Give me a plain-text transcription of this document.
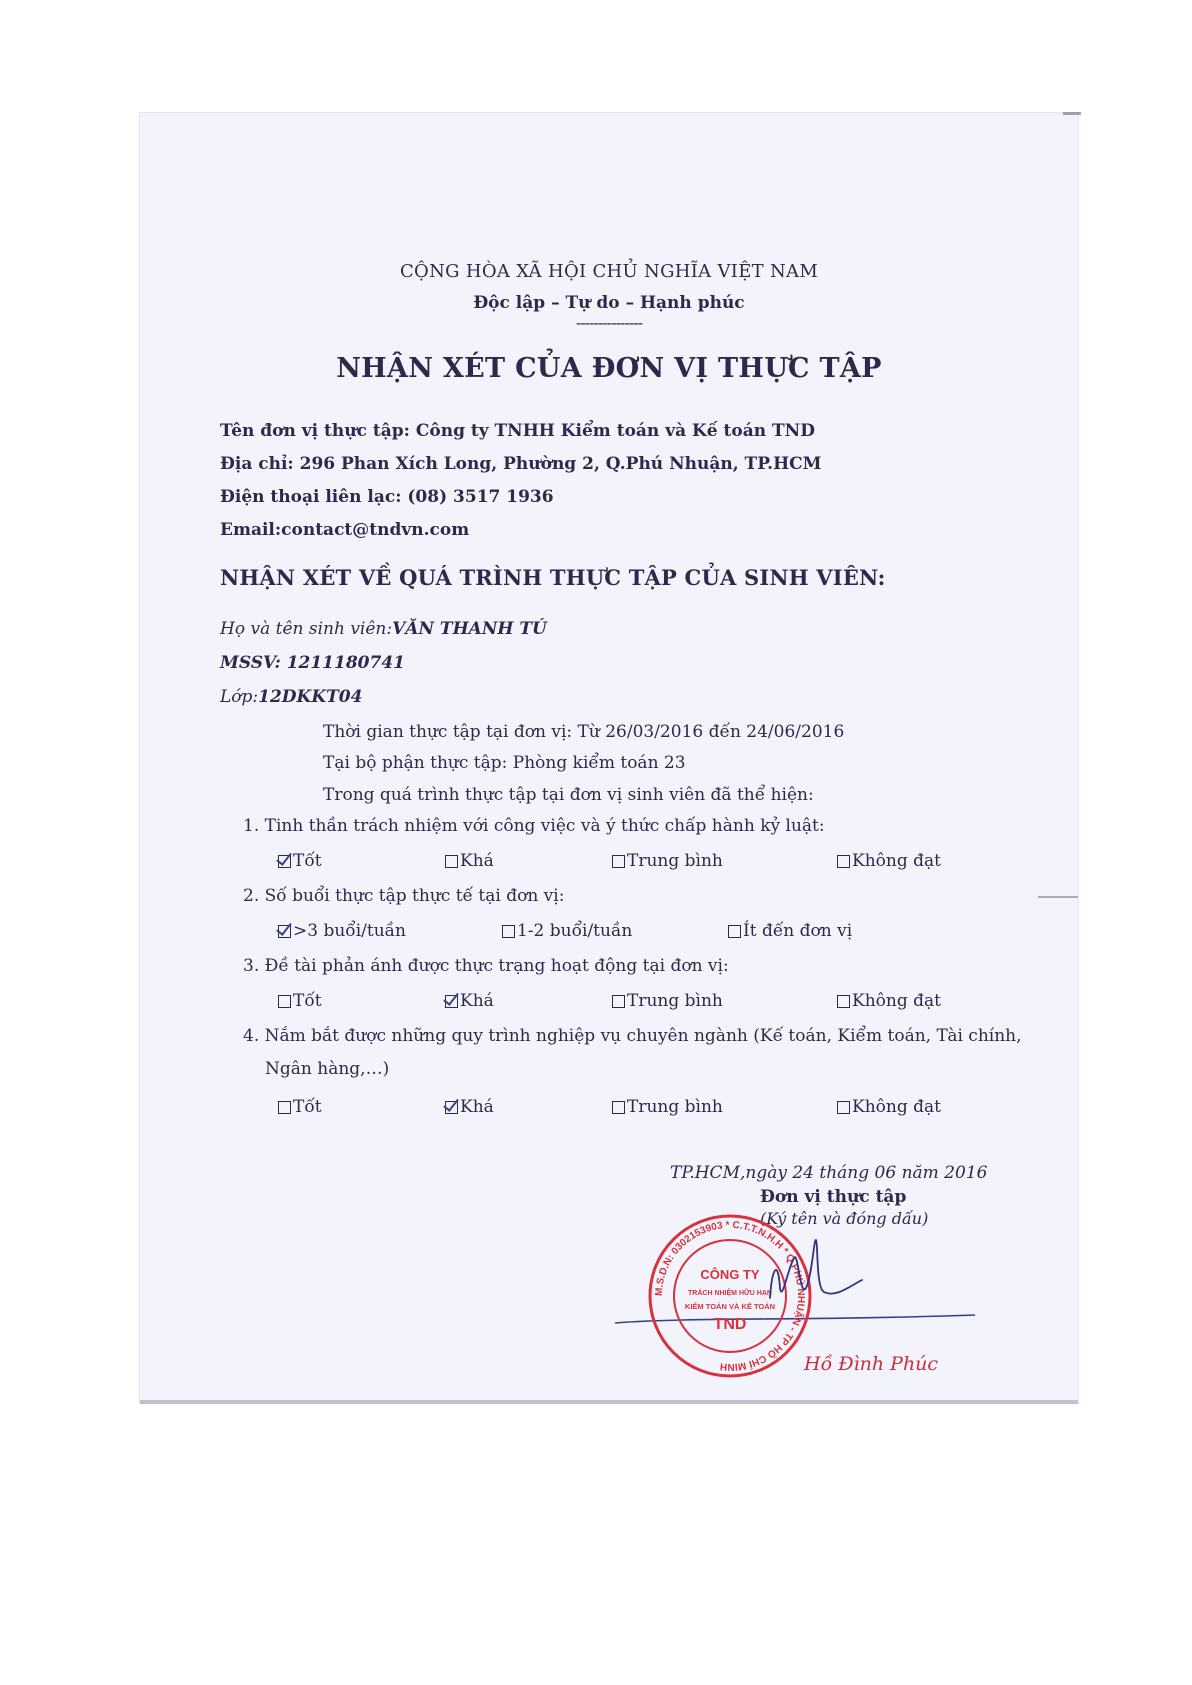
CỘNG HÒA XÃ HỘI CHỦ NGHĨA VIỆT NAM
Độc lập – Tự do – Hạnh phúc
---------------
NHẬN XÉT CỦA ĐƠN VỊ THỰC TẬP
Tên đơn vị thực tập: Công ty TNHH Kiểm toán và Kế toán TND
Địa chỉ: 296 Phan Xích Long, Phường 2, Q.Phú Nhuận, TP.HCM
Điện thoại liên lạc: (08) 3517 1936
Email:contact@tndvn.com
NHẬN XÉT VỀ QUÁ TRÌNH THỰC TẬP CỦA SINH VIÊN:
Họ và tên sinh viên:VĂN THANH TÚ
MSSV: 1211180741
Lớp:12DKKT04
Thời gian thực tập tại đơn vị: Từ 26/03/2016 đến 24/06/2016
Tại bộ phận thực tập: Phòng kiểm toán 23
Trong quá trình thực tập tại đơn vị sinh viên đã thể hiện:
1. Tinh thần trách nhiệm với công việc và ý thức chấp hành kỷ luật:
Tốt	Khá	Trung bình	Không đạt
2. Số buổi thực tập thực tế tại đơn vị:
>3 buổi/tuần	1-2 buổi/tuần	Ít đến đơn vị
3. Đề tài phản ánh được thực trạng hoạt động tại đơn vị:
Tốt	Khá	Trung bình	Không đạt
4. Nắm bắt được những quy trình nghiệp vụ chuyên ngành (Kế toán, Kiểm toán, Tài chính,
Ngân hàng,…)
Tốt	Khá	Trung bình	Không đạt
TP.HCM,ngày 24 tháng 06 năm 2016
Đơn vị thực tập
(Ký tên và đóng dấu)
M.S.D.N: 0302153903 * C.T.T.N.H.H * Q.PHÚ NHUẬN - TP HỒ CHÍ MINH
CÔNG TY
TRÁCH NHIỆM HỮU HẠN
KIỂM TOÁN VÀ KẾ TOÁN
TND
Hồ Đình Phúc
